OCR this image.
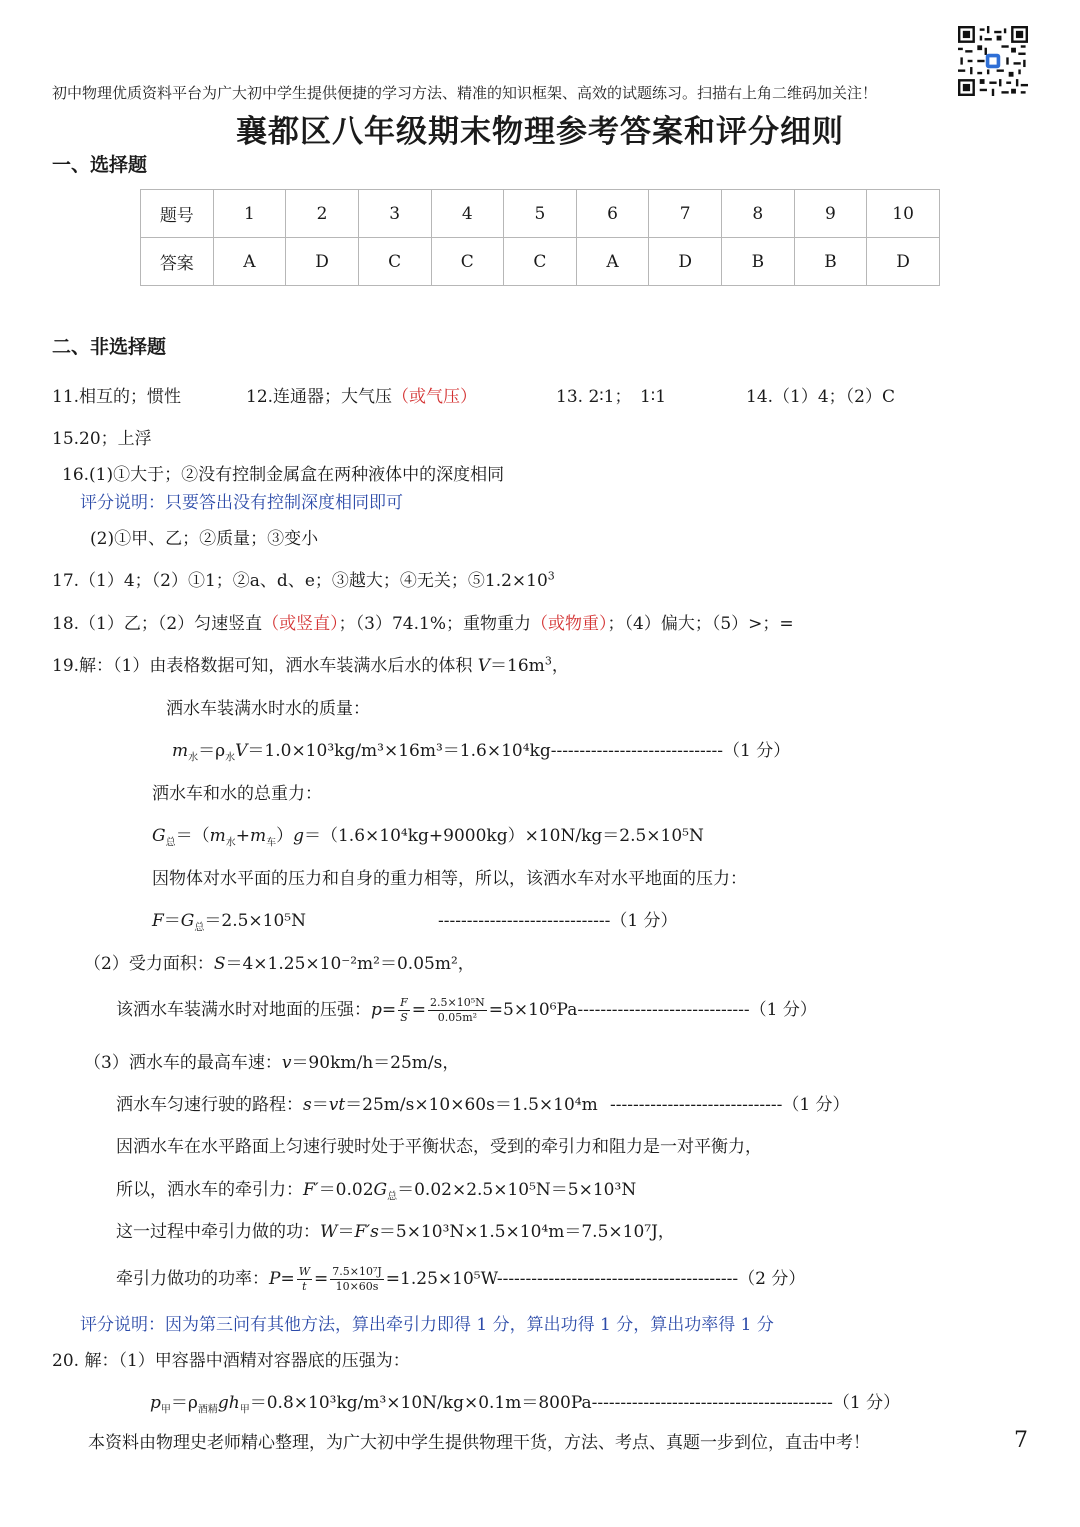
初中物理优质资料平台为广大初中学生提供便捷的学习方法、精准的知识框架、高效的试题练习。扫描右上角二维码加关注！
襄都区八年级期末物理参考答案和评分细则
一、选择题
题号	1	2	3	4	5	6	7	8	9	10
答案	A	D	C	C	C	A	D	B	B	D
二、非选择题
11.相互的；惯性	12.连通器；大气压（或气压）	13. 2∶1；　1∶1	14.（1）4；（2）C
15.20；上浮
16.(1)①大于；②没有控制金属盒在两种液体中的深度相同
评分说明：只要答出没有控制深度相同即可
(2)①甲、乙；②质量；③变小
17.（1）4；（2）①1；②a、d、e；③越大；④无关；$⑤1.2\times 10^3$
18.（1）乙；（2）匀速竖直（或竖直）；（3）74.1%；重物重力（或物重）；（4）偏大；（5）>；=
19.解：（1）由表格数据可知，洒水车装满水后水的体积 $V=16m^3$，
洒水车装满水时水的质量：
$m_水=\rho_水V=1.0\times 10^3kg/m^3\times 16m^3=1.6\times 10^4kg------------------------------(1$ 分）
洒水车和水的总重力：
$G_总=(m_水+m_车)g=(1.6\times 10^4kg+9000kg)\times 10N/kg=2.5\times 10^5N$
因物体对水平面的压力和自身的重力相等，所以，该洒水车对水平地面的压力：
$F=G_总=2.5\times 10^5N$	------------------------------（1 分）
（2）受力面积：S＝4×1.25×10⁻²m²＝0.05m²，
该洒水车装满水时对地面的压强：$p= \frac{F}{S} = \frac{\text{2.5×10⁵N}}{\text{0.05m²}} =5\times 10^6Pa------------------------------(1$ 分）
（3）洒水车的最高车速：v＝90km/h＝25m/s，
洒水车匀速行驶的路程：s＝vt＝25m/s×10×60s＝1.5×10⁴m ------------------------------（1 分）
因洒水车在水平路面上匀速行驶时处于平衡状态，受到的牵引力和阻力是一对平衡力，
所以，洒水车的牵引力：$F'=0.02G_总=0.02\times 2.5\times 10^5N=5\times 10^3N$
这一过程中牵引力做的功：W＝F′s＝5×10³N×1.5×10⁴m＝7.5×10⁷J，
牵引力做功的功率：$P= \frac{W}{t} = \frac{\text{7.5×10⁷J}}{10\times 60s} =1.25\times 10^5W------------------------------------------(2$ 分）
评分说明：因为第三问有其他方法，算出牵引力即得 1 分，算出功得 1 分，算出功率得 1 分
20. 解：（1）甲容器中酒精对容器底的压强为：
$p_甲=\rho_{酒精}gh_甲=0.8\times 10^3kg/m^3\times 10N/kg\times 0.1m=800Pa------------------------------------------(1$ 分）
本资料由物理史老师精心整理，为广大初中学生提供物理干货，方法、考点、真题一步到位，直击中考！	7
